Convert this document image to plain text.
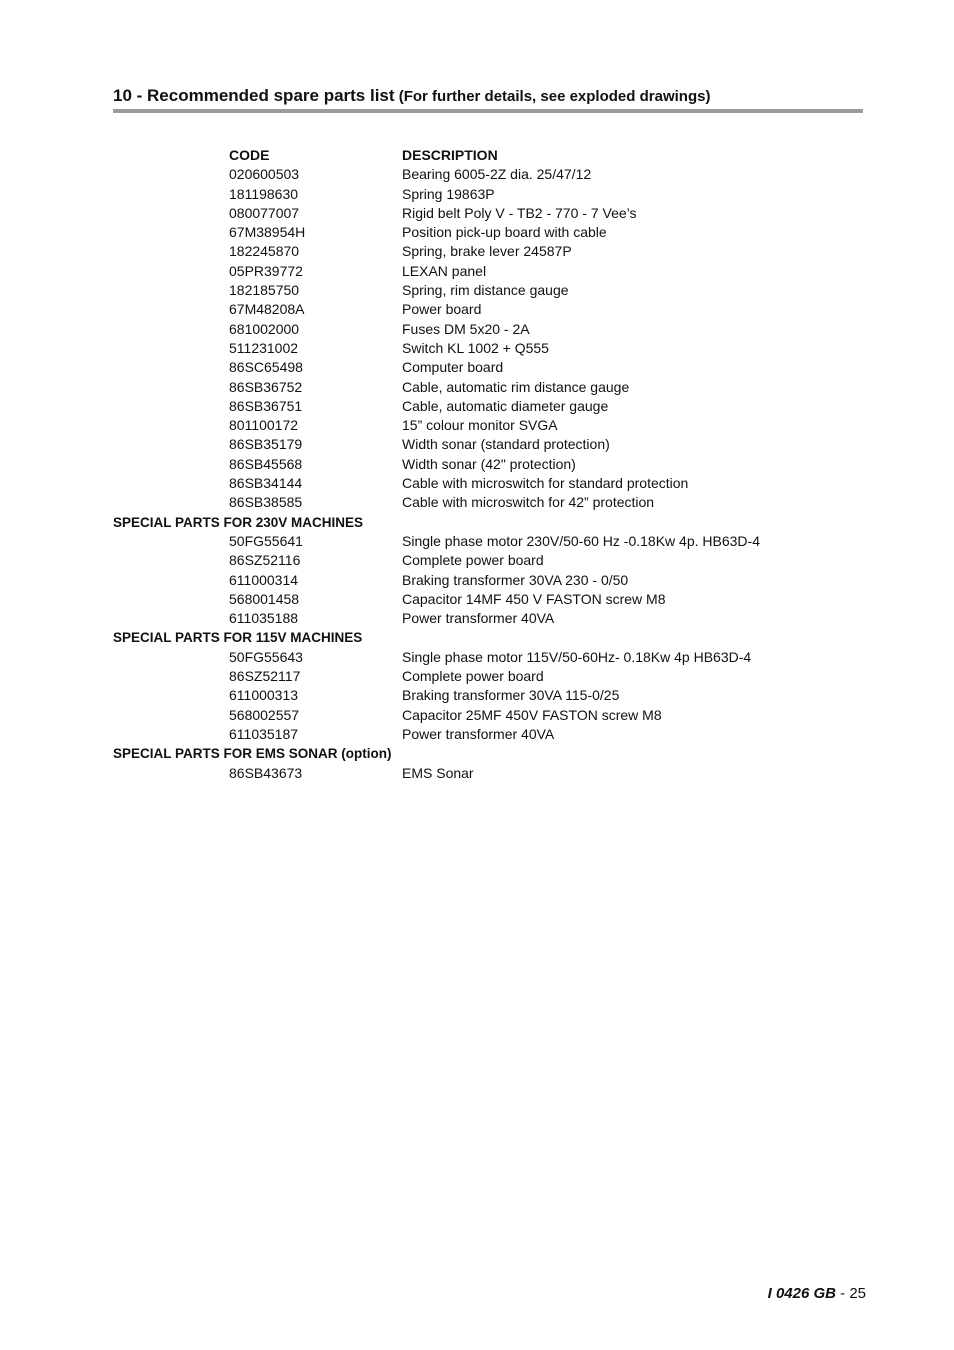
10 - Recommended spare parts list (For further details, see exploded drawings)
CODE	DESCRIPTION
020600503	Bearing 6005-2Z dia. 25/47/12
181198630	Spring 19863P
080077007	Rigid belt Poly V - TB2 - 770 - 7 Vee’s
67M38954H	Position pick-up board with cable
182245870	Spring, brake lever 24587P
05PR39772	LEXAN panel
182185750	Spring, rim distance gauge
67M48208A	Power board
681002000	Fuses DM 5x20 - 2A
511231002	Switch KL 1002 + Q555
86SC65498	Computer board
86SB36752	Cable, automatic rim distance gauge
86SB36751	Cable, automatic diameter gauge
801100172	15” colour monitor SVGA
86SB35179	Width sonar (standard protection)
86SB45568	Width sonar (42" protection)
86SB34144	Cable with microswitch for standard protection
86SB38585	Cable with microswitch for 42” protection
SPECIAL PARTS FOR 230V MACHINES
50FG55641	Single phase motor 230V/50-60 Hz -0.18Kw 4p. HB63D-4
86SZ52116	Complete power board
611000314	Braking transformer 30VA 230 - 0/50
568001458	Capacitor 14MF 450 V FASTON screw M8
611035188	Power transformer 40VA
SPECIAL PARTS FOR 115V MACHINES
50FG55643	Single phase motor 115V/50-60Hz- 0.18Kw 4p HB63D-4
86SZ52117	Complete power board
611000313	Braking transformer 30VA 115-0/25
568002557	Capacitor 25MF 450V FASTON screw M8
611035187	Power transformer 40VA
SPECIAL PARTS FOR EMS SONAR (option)
86SB43673	EMS Sonar
I 0426 GB - 25
